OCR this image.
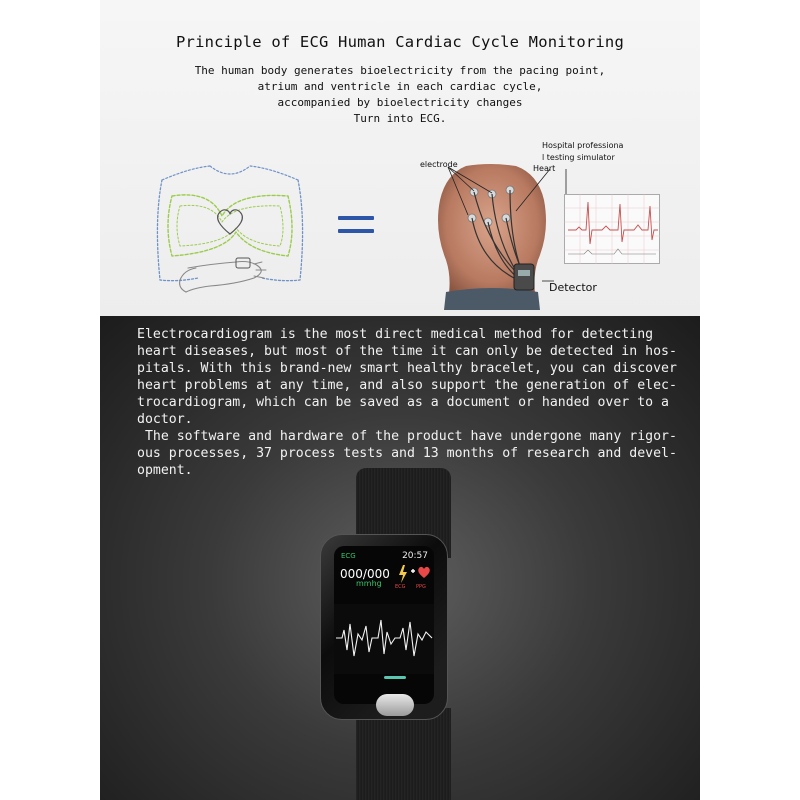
Principle of ECG Human Cardiac Cycle Monitoring
The human body generates bioelectricity from the pacing point,
atrium and ventricle in each cardiac cycle,
accompanied by bioelectricity changes
Turn into ECG.
Hospital professiona
l testing simulator
electrode	Heart
Detector
Electrocardiogram is the most direct medical method for detecting
heart diseases, but most of the time it can only be detected in hos-
pitals. With this brand-new smart healthy bracelet, you can discover
heart problems at any time, and also support the generation of elec-
trocardiogram, which can be saved as a document or handed over to a
doctor.
The software and hardware of the product have undergone many rigor-
ous processes, 37 process tests and 13 months of research and devel-
opment.
ECG	20:57
000/000
mmhg	ECG PPG
